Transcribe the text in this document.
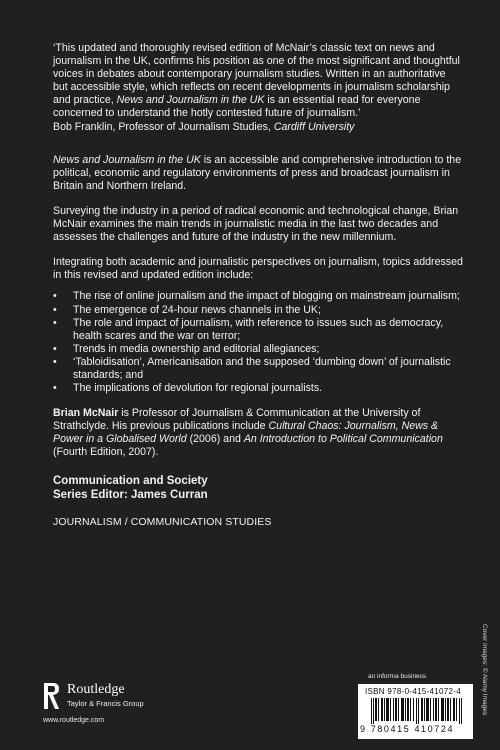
‘This updated and thoroughly revised edition of McNair’s classic text on news and journalism in the UK, confirms his position as one of the most significant and thoughtful voices in debates about contemporary journalism studies. Written in an authoritative but accessible style, which reflects on recent developments in journalism scholarship and practice, News and Journalism in the UK is an essential read for everyone concerned to understand the hotly contested future of journalism.’
Bob Franklin, Professor of Journalism Studies, Cardiff University

News and Journalism in the UK is an accessible and comprehensive introduction to the political, economic and regulatory environments of press and broadcast journalism in Britain and Northern Ireland.

Surveying the industry in a period of radical economic and technological change, Brian McNair examines the main trends in journalistic media in the last two decades and assesses the challenges and future of the industry in the new millennium.

Integrating both academic and journalistic perspectives on journalism, topics addressed in this revised and updated edition include:

• The rise of online journalism and the impact of blogging on mainstream journalism;
• The emergence of 24-hour news channels in the UK;
• The role and impact of journalism, with reference to issues such as democracy, health scares and the war on terror;
• Trends in media ownership and editorial allegiances;
• ‘Tabloidisation’, Americanisation and the supposed ‘dumbing down’ of journalistic standards; and
• The implications of devolution for regional journalists.

Brian McNair is Professor of Journalism & Communication at the University of Strathclyde. His previous publications include Cultural Chaos: Journalism, News & Power in a Globalised World (2006) and An Introduction to Political Communication (Fourth Edition, 2007).

Communication and Society
Series Editor: James Curran
JOURNALISM / COMMUNICATION STUDIES
Cover images: © Alamy Images
an informa business
ISBN 978-0-415-41072-4
9 780415 410724
Routledge
Taylor & Francis Group
www.routledge.com
